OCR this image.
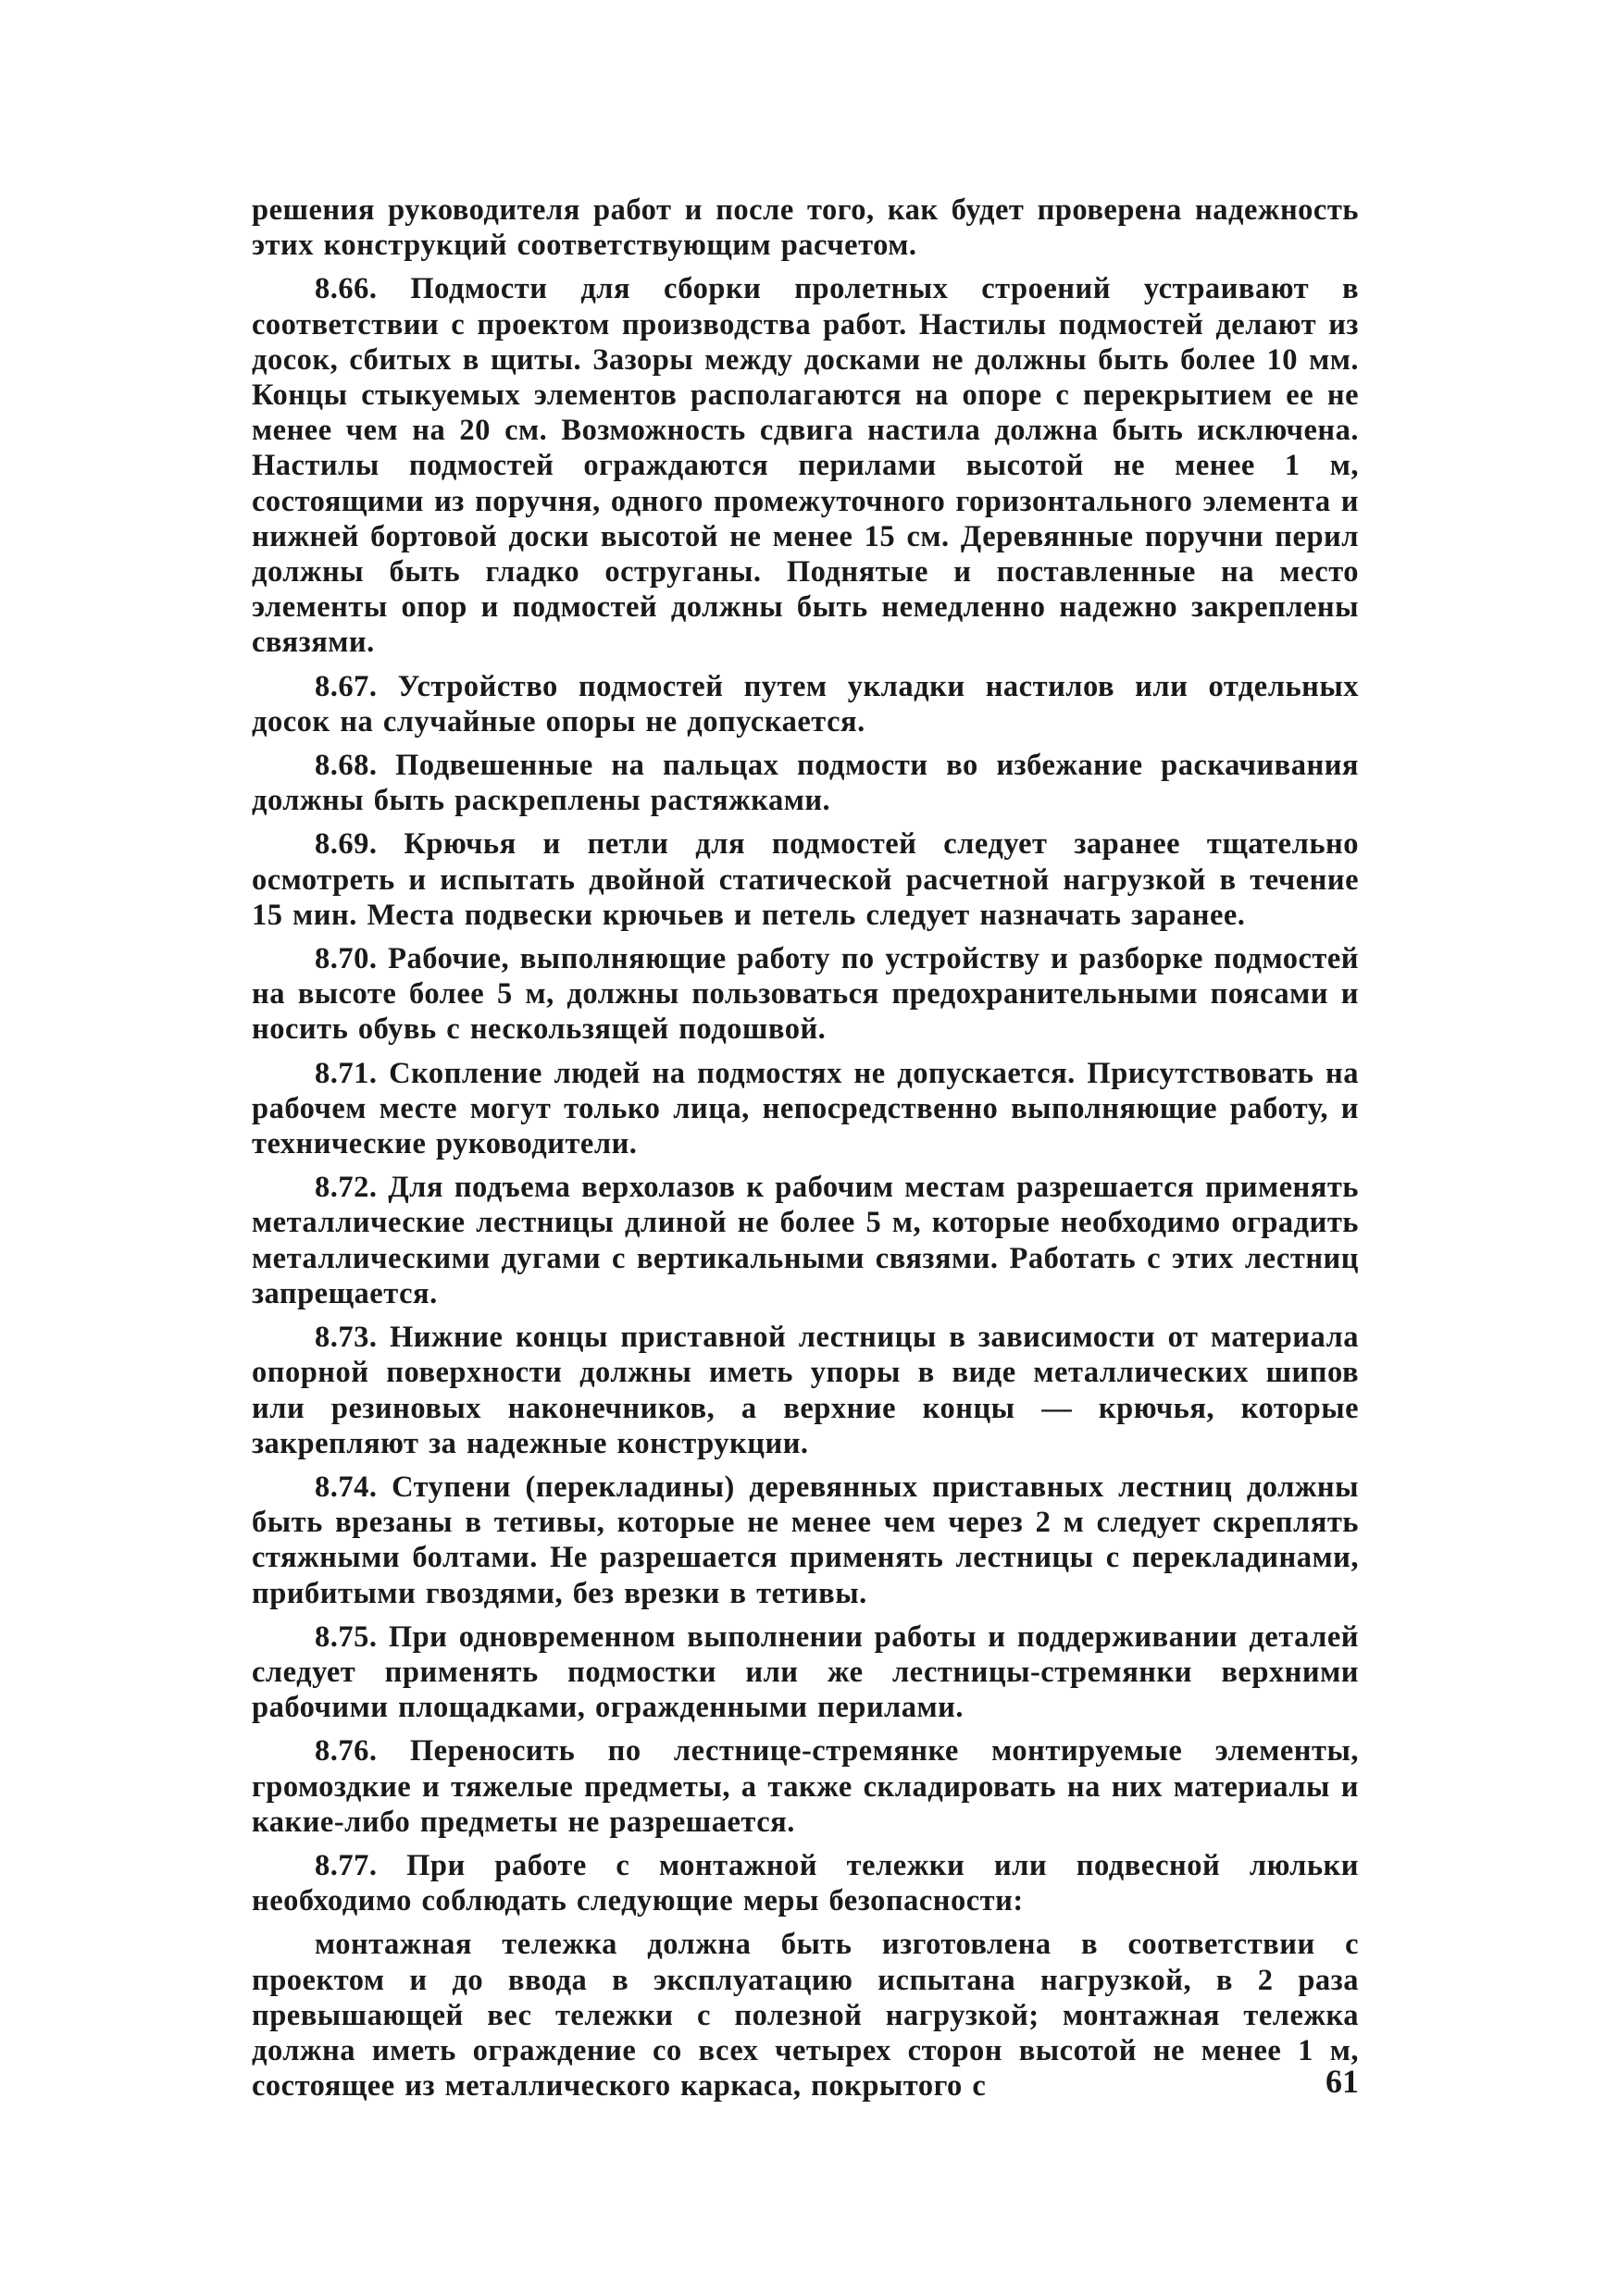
решения руководителя работ и после того, как будет проверена надежность этих конструкций соответствующим расчетом.

8.66. Подмости для сборки пролетных строений устраивают в соответствии с проектом производства работ. Настилы подмостей делают из досок, сбитых в щиты. Зазоры между досками не должны быть более 10 мм. Концы стыкуемых элементов располагаются на опоре с перекрытием ее не менее чем на 20 см. Возможность сдвига настила должна быть исключена. Настилы подмостей ограждаются перилами высотой не менее 1 м, состоящими из поручня, одного промежуточного горизонтального элемента и нижней бортовой доски высотой не менее 15 см. Деревянные поручни перил должны быть гладко оструганы. Поднятые и поставленные на место элементы опор и подмостей должны быть немедленно надежно закреплены связями.

8.67. Устройство подмостей путем укладки настилов или отдельных досок на случайные опоры не допускается.

8.68. Подвешенные на пальцах подмости во избежание раскачивания должны быть раскреплены растяжками.

8.69. Крючья и петли для подмостей следует заранее тщательно осмотреть и испытать двойной статической расчетной нагрузкой в течение 15 мин. Места подвески крючьев и петель следует назначать заранее.

8.70. Рабочие, выполняющие работу по устройству и разборке подмостей на высоте более 5 м, должны пользоваться предохранительными поясами и носить обувь с нескользящей подошвой.

8.71. Скопление людей на подмостях не допускается. Присутствовать на рабочем месте могут только лица, непосредственно выполняющие работу, и технические руководители.

8.72. Для подъема верхолазов к рабочим местам разрешается применять металлические лестницы длиной не более 5 м, которые необходимо оградить металлическими дугами с вертикальными связями. Работать с этих лестниц запрещается.

8.73. Нижние концы приставной лестницы в зависимости от материала опорной поверхности должны иметь упоры в виде металлических шипов или резиновых наконечников, а верхние концы — крючья, которые закрепляют за надежные конструкции.

8.74. Ступени (перекладины) деревянных приставных лестниц должны быть врезаны в тетивы, которые не менее чем через 2 м следует скреплять стяжными болтами. Не разрешается применять лестницы с перекладинами, прибитыми гвоздями, без врезки в тетивы.

8.75. При одновременном выполнении работы и поддерживании деталей следует применять подмостки или же лестницы-стремянки верхними рабочими площадками, огражденными перилами.

8.76. Переносить по лестнице-стремянке монтируемые элементы, громоздкие и тяжелые предметы, а также складировать на них материалы и какие-либо предметы не разрешается.

8.77. При работе с монтажной тележки или подвесной люльки необходимо соблюдать следующие меры безопасности:

монтажная тележка должна быть изготовлена в соответствии с проектом и до ввода в эксплуатацию испытана нагрузкой, в 2 раза превышающей вес тележки с полезной нагрузкой; монтажная тележка должна иметь ограждение со всех четырех сторон высотой не менее 1 м, состоящее из металлического каркаса, покрытого с	61
